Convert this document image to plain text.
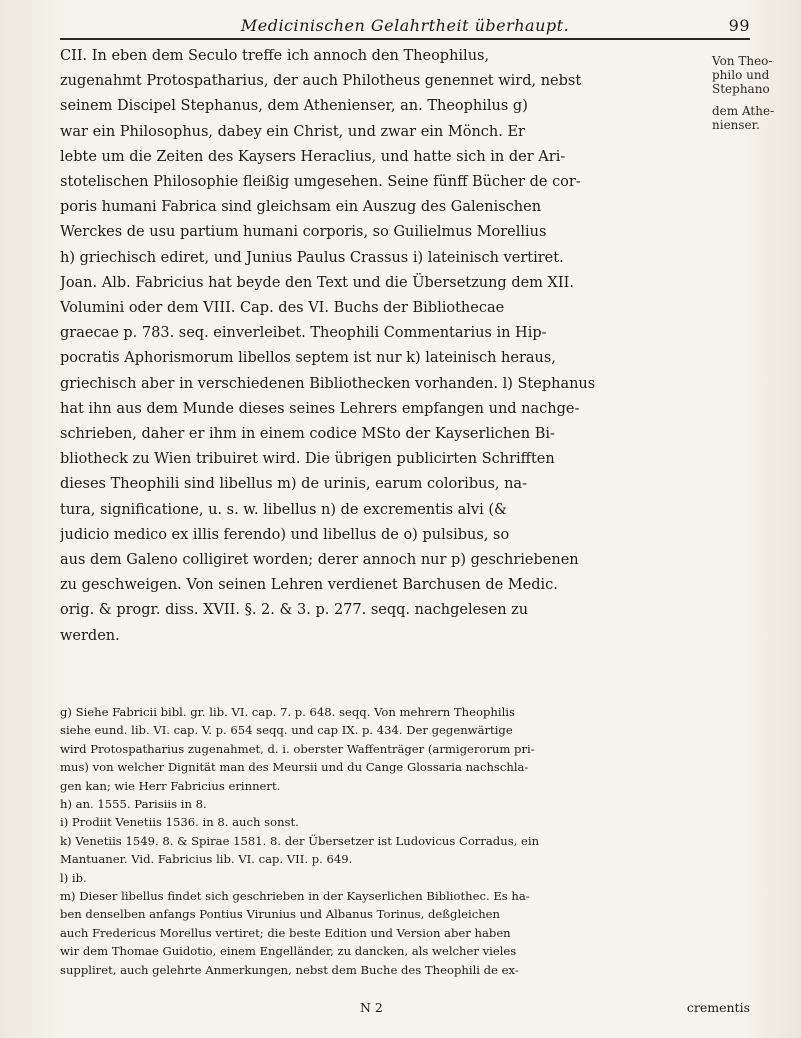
Medicinischen Gelahrtheit überhaupt.	99
Von Theo- philo und Stephano
dem Athe- nienser.
CII. In eben dem Seculo treffe ich annoch den Theophilus,
zugenahmt Protospatharius, der auch Philotheus genennet wird, nebst
seinem Discipel Stephanus, dem Athenienser, an. Theophilus g)
war ein Philosophus, dabey ein Christ, und zwar ein Mönch. Er
lebte um die Zeiten des Kaysers Heraclius, und hatte sich in der Ari-
stotelischen Philosophie fleißig umgesehen. Seine fünff Bücher de cor-
poris humani Fabrica sind gleichsam ein Auszug des Galenischen
Werckes de usu partium humani corporis, so Guilielmus Morellius
h) griechisch ediret, und Junius Paulus Crassus i) lateinisch vertiret.
Joan. Alb. Fabricius hat beyde den Text und die Übersetzung dem XII.
Volumini oder dem VIII. Cap. des VI. Buchs der Bibliothecae
graecae p. 783. seq. einverleibet. Theophili Commentarius in Hip-
pocratis Aphorismorum libellos septem ist nur k) lateinisch heraus,
griechisch aber in verschiedenen Bibliothecken vorhanden. l) Stephanus
hat ihn aus dem Munde dieses seines Lehrers empfangen und nachge-
schrieben, daher er ihm in einem codice MSto der Kayserlichen Bi-
bliotheck zu Wien tribuiret wird. Die übrigen publicirten Schrifften
dieses Theophili sind libellus m) de urinis, earum coloribus, na-
tura, significatione, u. s. w. libellus n) de excrementis alvi (&
judicio medico ex illis ferendo) und libellus de o) pulsibus, so
aus dem Galeno colligiret worden; derer annoch nur p) geschriebenen
zu geschweigen. Von seinen Lehren verdienet Barchusen de Medic.
orig. & progr. diss. XVII. §. 2. & 3. p. 277. seqq. nachgelesen zu
werden.
g) Siehe Fabricii bibl. gr. lib. VI. cap. 7. p. 648. seqq. Von mehrern Theophilis
siehe eund. lib. VI. cap. V. p. 654 seqq. und cap IX. p. 434. Der gegenwärtige
wird Protospatharius zugenahmet, d. i. oberster Waffenträger (armigerorum pri-
mus) von welcher Dignität man des Meursii und du Cange Glossaria nachschla-
gen kan; wie Herr Fabricius erinnert.
h) an. 1555. Parisiis in 8.
i) Prodiit Venetiis 1536. in 8. auch sonst.
k) Venetiis 1549. 8. & Spirae 1581. 8. der Übersetzer ist Ludovicus Corradus, ein
Mantuaner. Vid. Fabricius lib. VI. cap. VII. p. 649.
l) ib.
m) Dieser libellus findet sich geschrieben in der Kayserlichen Bibliothec. Es ha-
ben denselben anfangs Pontius Virunius und Albanus Torinus, deßgleichen
auch Fredericus Morellus vertiret; die beste Edition und Version aber haben
wir dem Thomae Guidotio, einem Engelländer, zu dancken, als welcher vieles
suppliret, auch gelehrte Anmerkungen, nebst dem Buche des Theophili de ex-
N 2	crementis
